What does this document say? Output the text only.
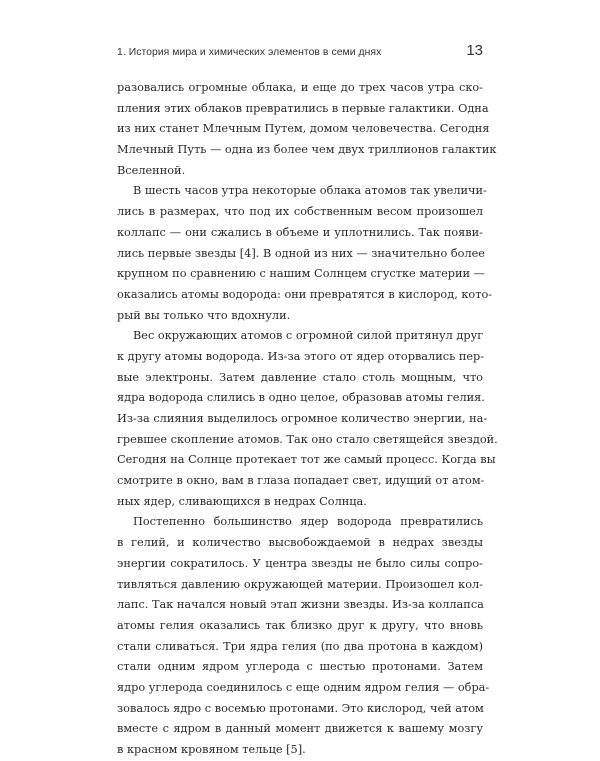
1. История мира и химических элементов в семи днях	13
разовались огромные облака, и еще до трех часов утра ско-
пления этих облаков превратились в первые галактики. Одна
из них станет Млечным Путем, домом человечества. Сегодня
Млечный Путь — одна из более чем двух триллионов галактик
Вселенной.
В шесть часов утра некоторые облака атомов так увеличи-
лись в размерах, что под их собственным весом произошел
коллапс — они сжались в объеме и уплотнились. Так появи-
лись первые звезды [4]. В одной из них — значительно более
крупном по сравнению с нашим Солнцем сгустке материи —
оказались атомы водорода: они превратятся в кислород, кото-
рый вы только что вдохнули.
Вес окружающих атомов с огромной силой притянул друг
к другу атомы водорода. Из-за этого от ядер оторвались пер-
вые электроны. Затем давление стало столь мощным, что
ядра водорода слились в одно целое, образовав атомы гелия.
Из-за слияния выделилось огромное количество энергии, на-
гревшее скопление атомов. Так оно стало светящейся звездой.
Сегодня на Солнце протекает тот же самый процесс. Когда вы
смотрите в окно, вам в глаза попадает свет, идущий от атом-
ных ядер, сливающихся в недрах Солнца.
Постепенно большинство ядер водорода превратились
в гелий, и количество высвобождаемой в недрах звезды
энергии сократилось. У центра звезды не было силы сопро-
тивляться давлению окружающей материи. Произошел кол-
лапс. Так начался новый этап жизни звезды. Из-за коллапса
атомы гелия оказались так близко друг к другу, что вновь
стали сливаться. Три ядра гелия (по два протона в каждом)
стали одним ядром углерода с шестью протонами. Затем
ядро углерода соединилось с еще одним ядром гелия — обра-
зовалось ядро с восемью протонами. Это кислород, чей атом
вместе с ядром в данный момент движется к вашему мозгу
в красном кровяном тельце [5].
